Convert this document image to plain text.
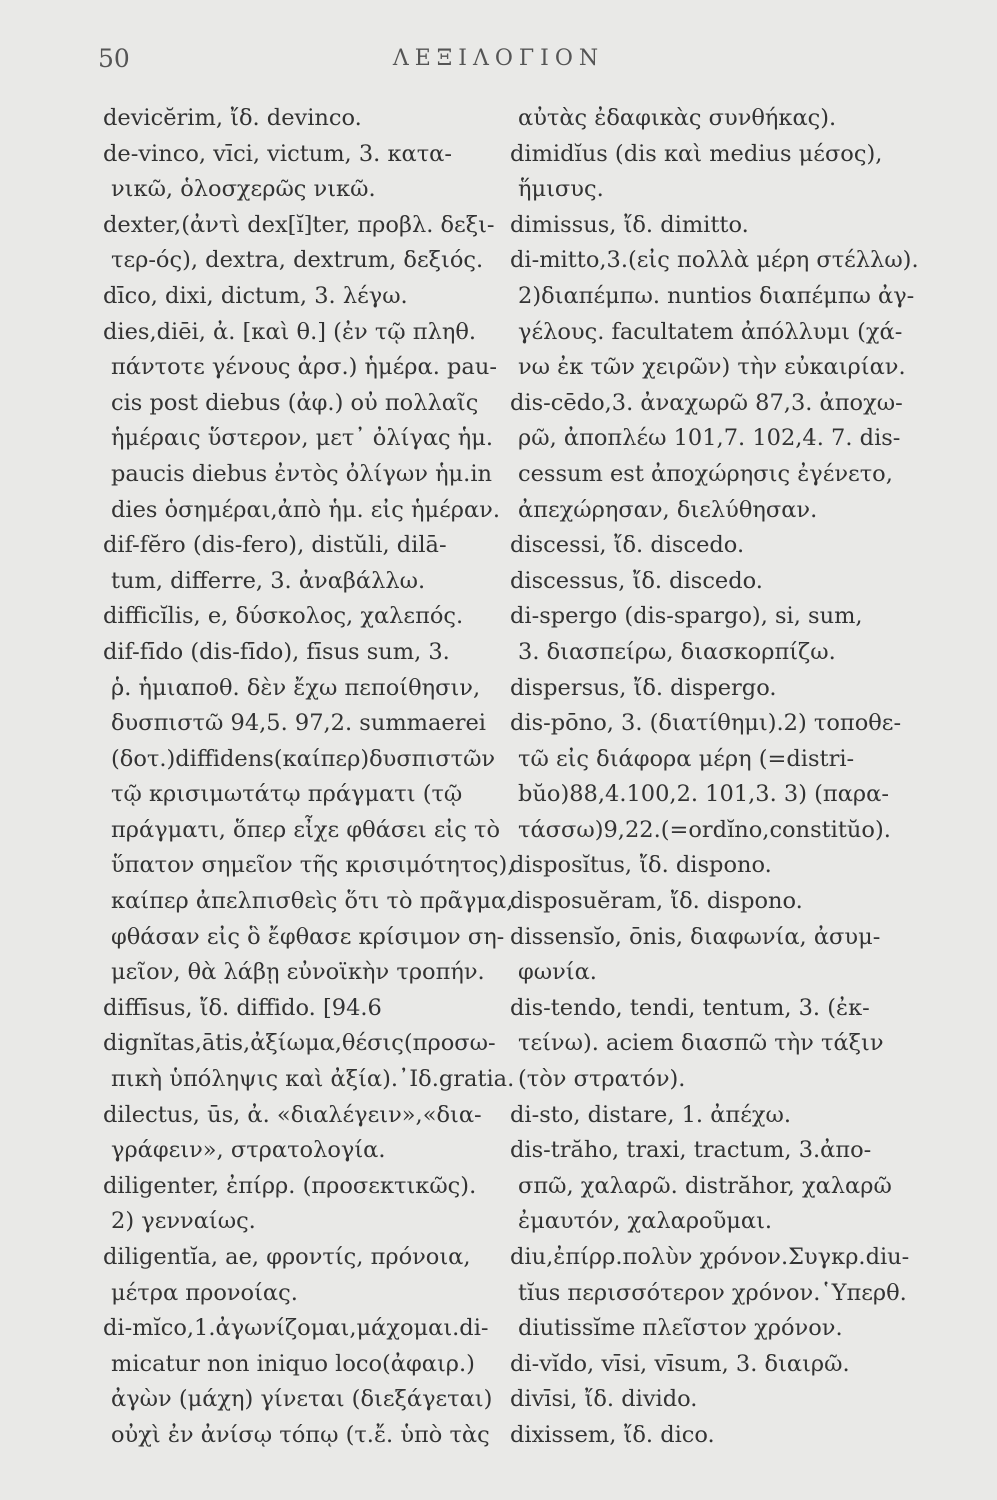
50	ΛΕΞΙΛΟΓΙΟΝ
devicĕrim, ἴδ. devinco.
de-vinco, vīci, victum, 3. κατα-
νικῶ, ὁλοσχερῶς νικῶ.
dexter,(ἀντὶ dex[ĭ]ter, προβλ. δεξι-
τερ-ός), dextra, dextrum, δεξιός.
dīco, dixi, dictum, 3. λέγω.
dies,diēi, ἀ. [καὶ θ.] (ἐν τῷ πληθ.
πάντοτε γένους ἀρσ.) ἡμέρα. pau-
cis post diebus (ἀφ.) οὐ πολλαῖς
ἡμέραις ὕστερον, μετ᾽ ὀλίγας ἡμ.
paucis diebus ἐντὸς ὀλίγων ἡμ.in
dies ὁσημέραι,ἀπὸ ἡμ. εἰς ἡμέραν.
dif-fĕro (dis-fero), distŭli, dilā-
tum, differre, 3. ἀναβάλλω.
difficĭlis, e, δύσκολος, χαλεπός.
dif-fīdo (dis-fīdo), fīsus sum, 3.
ῥ. ἡμιαποθ. δὲν ἔχω πεποίθησιν,
δυσπιστῶ 94,5. 97,2. summaerei
(δοτ.)diffidens(καίπερ)δυσπιστῶν
τῷ κρισιμωτάτῳ πράγματι (τῷ
πράγματι, ὅπερ εἶχε φθάσει εἰς τὸ
ὕπατον σημεῖον τῆς κρισιμότητος),
καίπερ ἀπελπισθεὶς ὅτι τὸ πρᾶγμα,
φθάσαν εἰς ὃ ἔφθασε κρίσιμον ση-
μεῖον, θὰ λάβῃ εὐνοϊκὴν τροπήν.
diffīsus, ἴδ. diffido. [94.6
dignĭtas,ātis,ἀξίωμα,θέσις(προσω-
πικὴ ὑπόληψις καὶ ἀξία).᾽Ιδ.gratia.
dilectus, ūs, ἀ. «διαλέγειν»,«δια-
γράφειν», στρατολογία.
diligenter, ἐπίρρ. (προσεκτικῶς).
2) γενναίως.
diligentĭa, ae, φροντίς, πρόνοια,
μέτρα προνοίας.
di-mĭco,1.ἀγωνίζομαι,μάχομαι.di-
micatur non iniquo loco(ἀφαιρ.)
ἀγὼν (μάχη) γίνεται (διεξάγεται)
οὐχὶ ἐν ἀνίσῳ τόπῳ (τ.ἔ. ὑπὸ τὰς
αὐτὰς ἐδαφικὰς συνθήκας).
dimidĭus (dis καὶ medius μέσος),
ἥμισυς.
dimissus, ἴδ. dimitto.
di-mitto,3.(εἰς πολλὰ μέρη στέλλω).
2)διαπέμπω. nuntios διαπέμπω ἀγ-
γέλους. facultatem ἀπόλλυμι (χά-
νω ἐκ τῶν χειρῶν) τὴν εὐκαιρίαν.
dis-cēdo,3. ἀναχωρῶ 87,3. ἀποχω-
ρῶ, ἀποπλέω 101,7. 102,4. 7. dis-
cessum est ἀποχώρησις ἐγένετο,
ἀπεχώρησαν, διελύθησαν.
discessi, ἴδ. discedo.
discessus, ἴδ. discedo.
di-spergo (dis-spargo), si, sum,
3. διασπείρω, διασκορπίζω.
dispersus, ἴδ. dispergo.
dis-pōno, 3. (διατίθημι).2) τοποθε-
τῶ εἰς διάφορα μέρη (=distri-
bŭo)88,4.100,2. 101,3. 3) (παρα-
τάσσω)9,22.(=ordĭno,constitŭo).
disposĭtus, ἴδ. dispono.
disposuĕram, ἴδ. dispono.
dissensĭo, ōnis, διαφωνία, ἀσυμ-
φωνία.
dis-tendo, tendi, tentum, 3. (ἐκ-
τείνω). aciem διασπῶ τὴν τάξιν
(τὸν στρατόν).
di-sto, distare, 1. ἀπέχω.
dis-trăho, traxi, tractum, 3.ἀπο-
σπῶ, χαλαρῶ. distrăhor, χαλαρῶ
ἐμαυτόν, χαλαροῦμαι.
diu,ἐπίρρ.πολὺν χρόνον.Συγκρ.diu-
tĭus περισσότερον χρόνον.῾Υπερθ.
diutissĭme πλεῖστον χρόνον.
di-vĭdo, vīsi, vīsum, 3. διαιρῶ.
divīsi, ἴδ. divido.
dixissem, ἴδ. dico.
